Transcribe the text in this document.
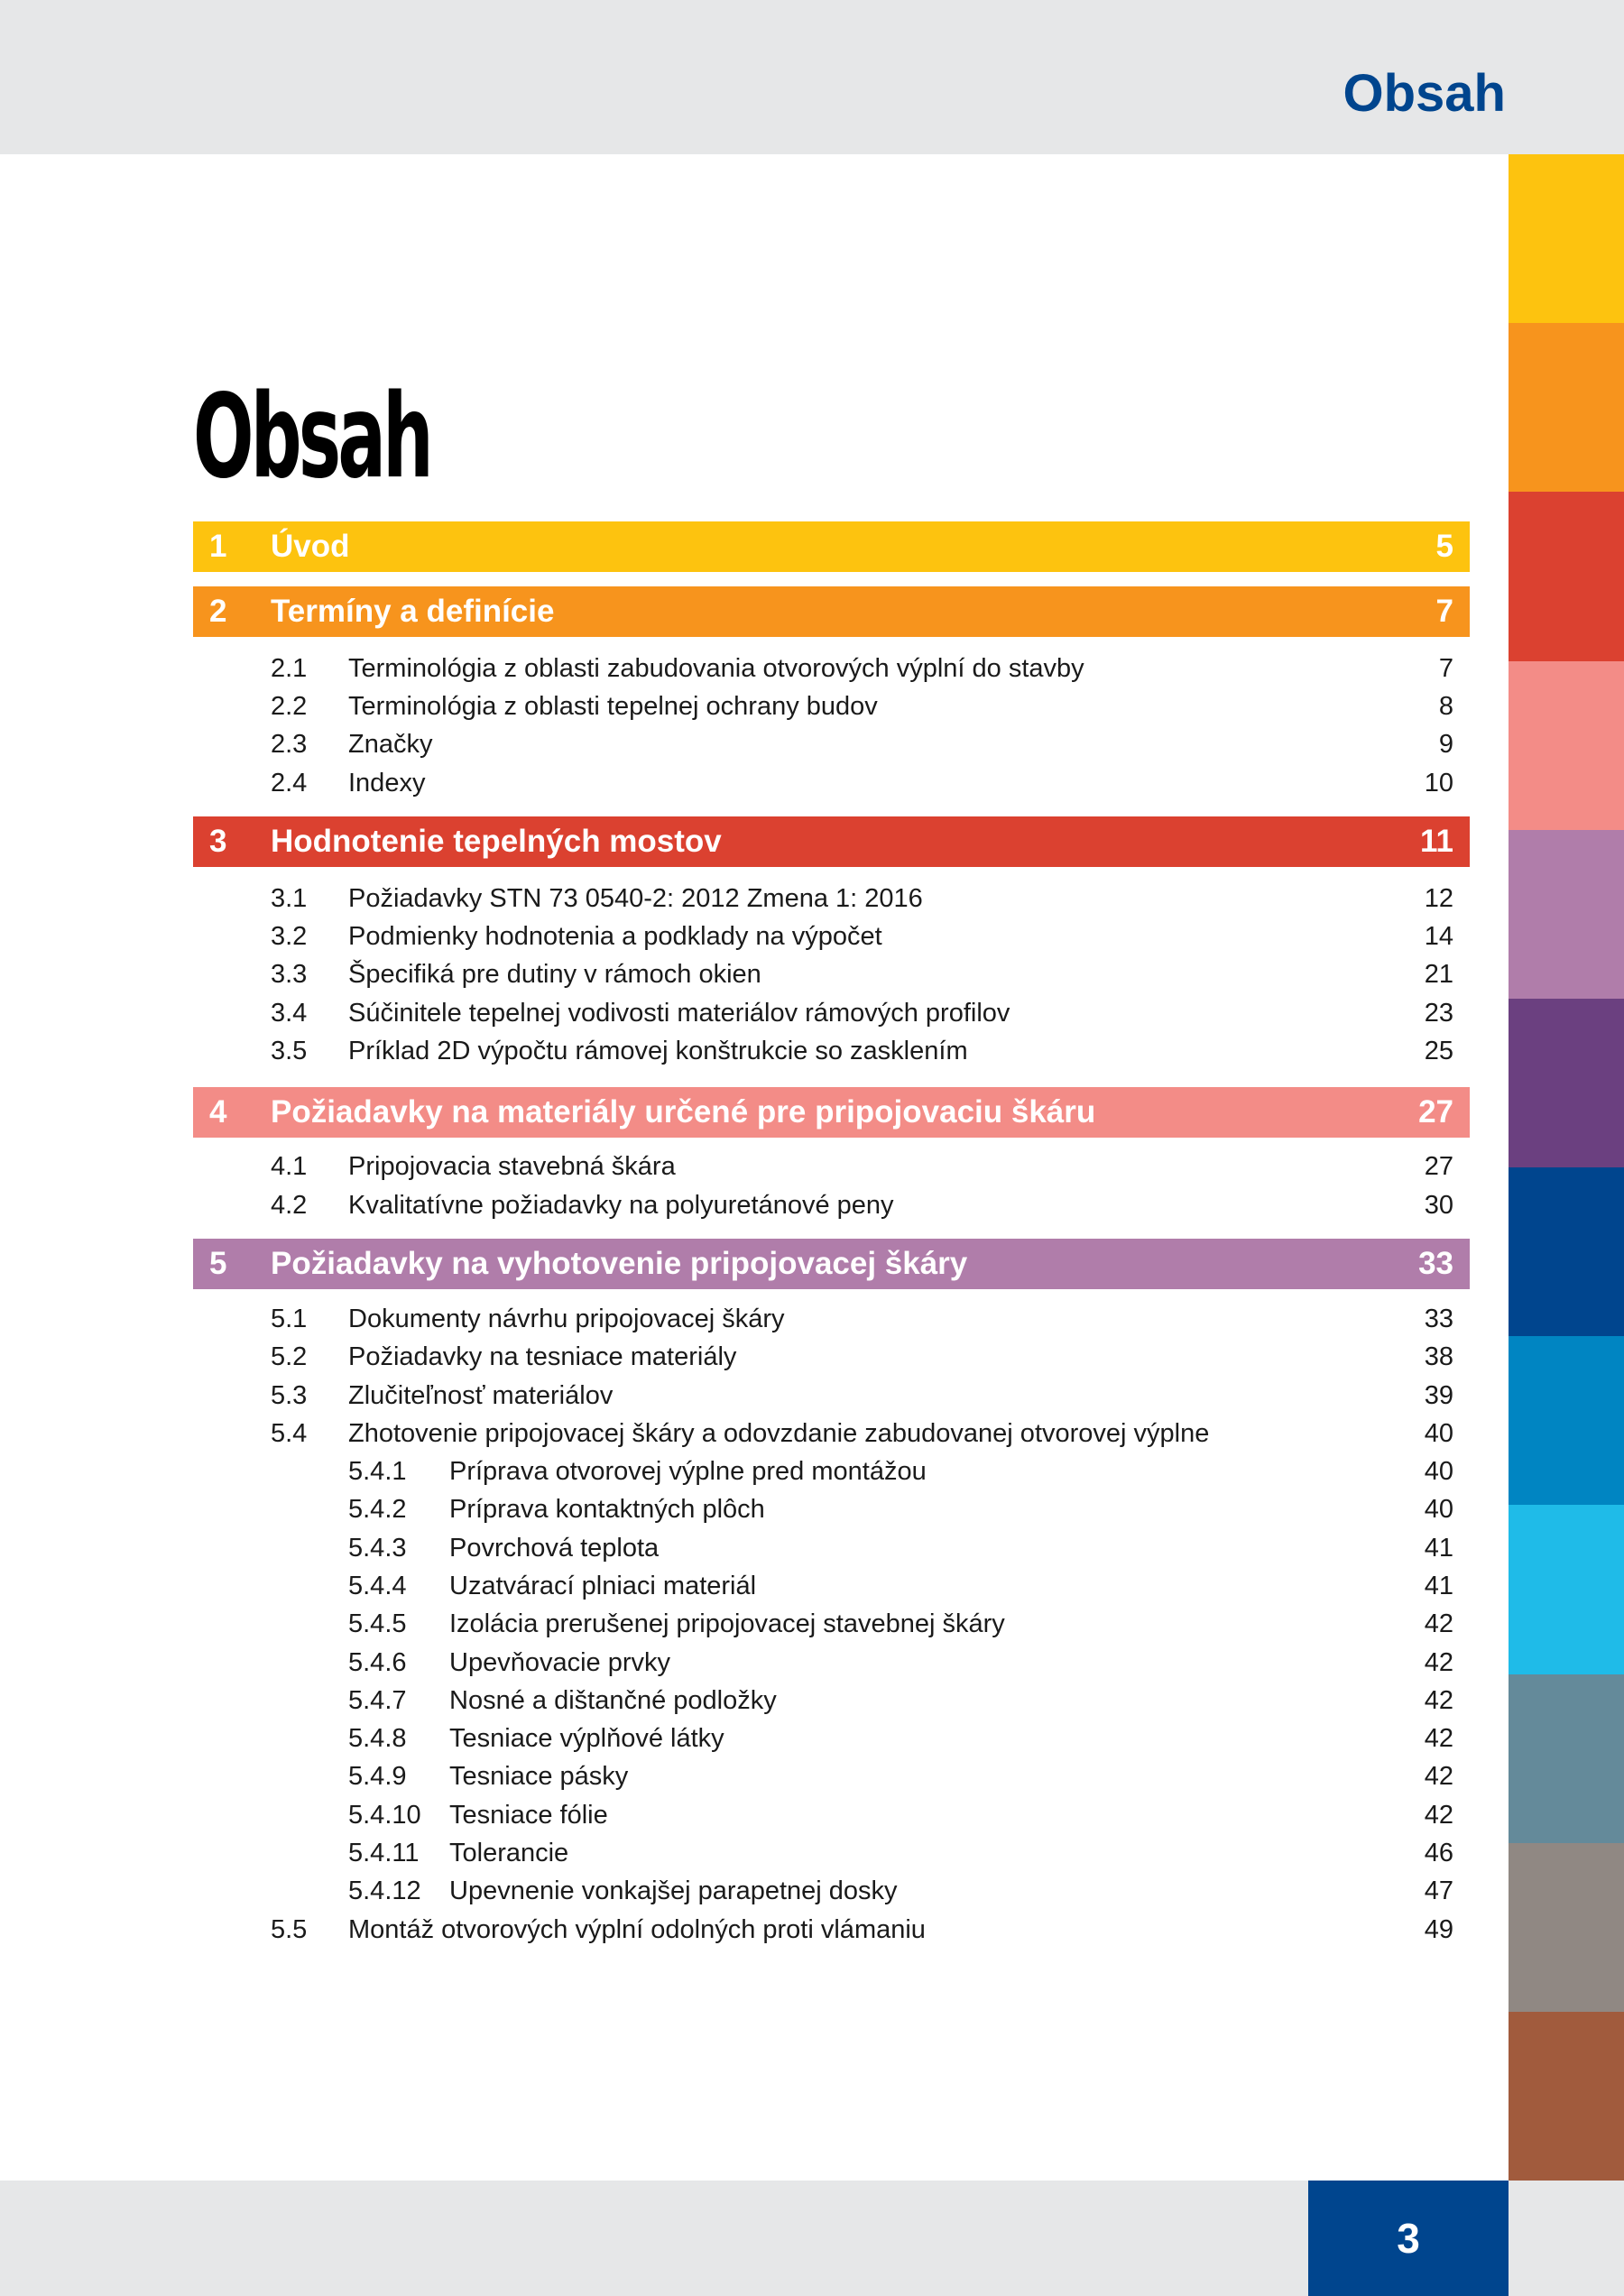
Obsah
Obsah
1	Úvod	5
2	Termíny a definície	7
2.1	Terminológia z oblasti zabudovania otvorových výplní do stavby	7
2.2	Terminológia z oblasti tepelnej ochrany budov	8
2.3	Značky	9
2.4	Indexy	10
3	Hodnotenie tepelných mostov	11
3.1	Požiadavky STN 73 0540-2: 2012 Zmena 1: 2016	12
3.2	Podmienky hodnotenia a podklady na výpočet	14
3.3	Špecifiká pre dutiny v rámoch okien	21
3.4	Súčinitele tepelnej vodivosti materiálov rámových profilov	23
3.5	Príklad 2D výpočtu rámovej konštrukcie so zasklením	25
4	Požiadavky na materiály určené pre pripojovaciu škáru	27
4.1	Pripojovacia stavebná škára	27
4.2	Kvalitatívne požiadavky na polyuretánové peny	30
5	Požiadavky na vyhotovenie pripojovacej škáry	33
5.1	Dokumenty návrhu pripojovacej škáry	33
5.2	Požiadavky na tesniace materiály	38
5.3	Zlučiteľnosť materiálov	39
5.4	Zhotovenie pripojovacej škáry a odovzdanie zabudovanej otvorovej výplne	40
5.4.1	Príprava otvorovej výplne pred montážou	40
5.4.2	Príprava kontaktných plôch	40
5.4.3	Povrchová teplota	41
5.4.4	Uzatvárací plniaci materiál	41
5.4.5	Izolácia prerušenej pripojovacej stavebnej škáry	42
5.4.6	Upevňovacie prvky	42
5.4.7	Nosné a dištančné podložky	42
5.4.8	Tesniace výplňové látky	42
5.4.9	Tesniace pásky	42
5.4.10	Tesniace fólie	42
5.4.11	Tolerancie	46
5.4.12	Upevnenie vonkajšej parapetnej dosky	47
5.5	Montáž otvorových výplní odolných proti vlámaniu	49
3
